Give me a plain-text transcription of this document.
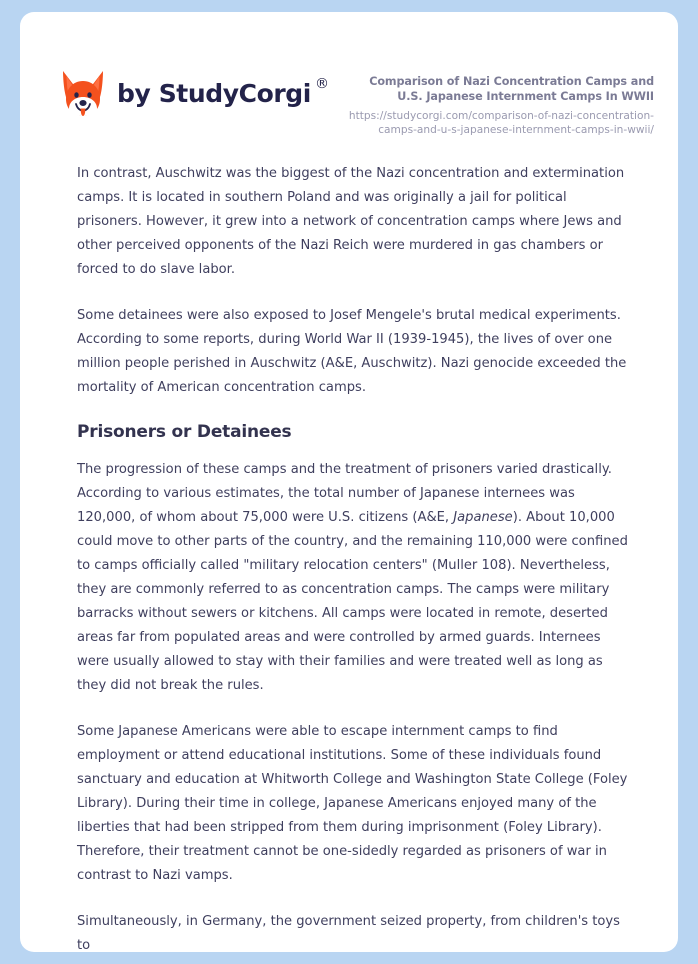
by StudyCorgi ®	Comparison of Nazi Concentration Camps and U.S. Japanese Internment Camps In WWII
https://studycorgi.com/comparison-of-nazi-concentration-camps-and-u-s-japanese-internment-camps-in-wwii/

In contrast, Auschwitz was the biggest of the Nazi concentration and extermination camps. It is located in southern Poland and was originally a jail for political prisoners. However, it grew into a network of concentration camps where Jews and other perceived opponents of the Nazi Reich were murdered in gas chambers or forced to do slave labor.

Some detainees were also exposed to Josef Mengele's brutal medical experiments. According to some reports, during World War II (1939-1945), the lives of over one million people perished in Auschwitz (A&E, Auschwitz). Nazi genocide exceeded the mortality of American concentration camps.

Prisoners or Detainees

The progression of these camps and the treatment of prisoners varied drastically. According to various estimates, the total number of Japanese internees was 120,000, of whom about 75,000 were U.S. citizens (A&E, Japanese). About 10,000 could move to other parts of the country, and the remaining 110,000 were confined to camps officially called "military relocation centers" (Muller 108). Nevertheless, they are commonly referred to as concentration camps. The camps were military barracks without sewers or kitchens. All camps were located in remote, deserted areas far from populated areas and were controlled by armed guards. Internees were usually allowed to stay with their families and were treated well as long as they did not break the rules.

Some Japanese Americans were able to escape internment camps to find employment or attend educational institutions. Some of these individuals found sanctuary and education at Whitworth College and Washington State College (Foley Library). During their time in college, Japanese Americans enjoyed many of the liberties that had been stripped from them during imprisonment (Foley Library). Therefore, their treatment cannot be one-sidedly regarded as prisoners of war in contrast to Nazi vamps.

Simultaneously, in Germany, the government seized property, from children's toys to
